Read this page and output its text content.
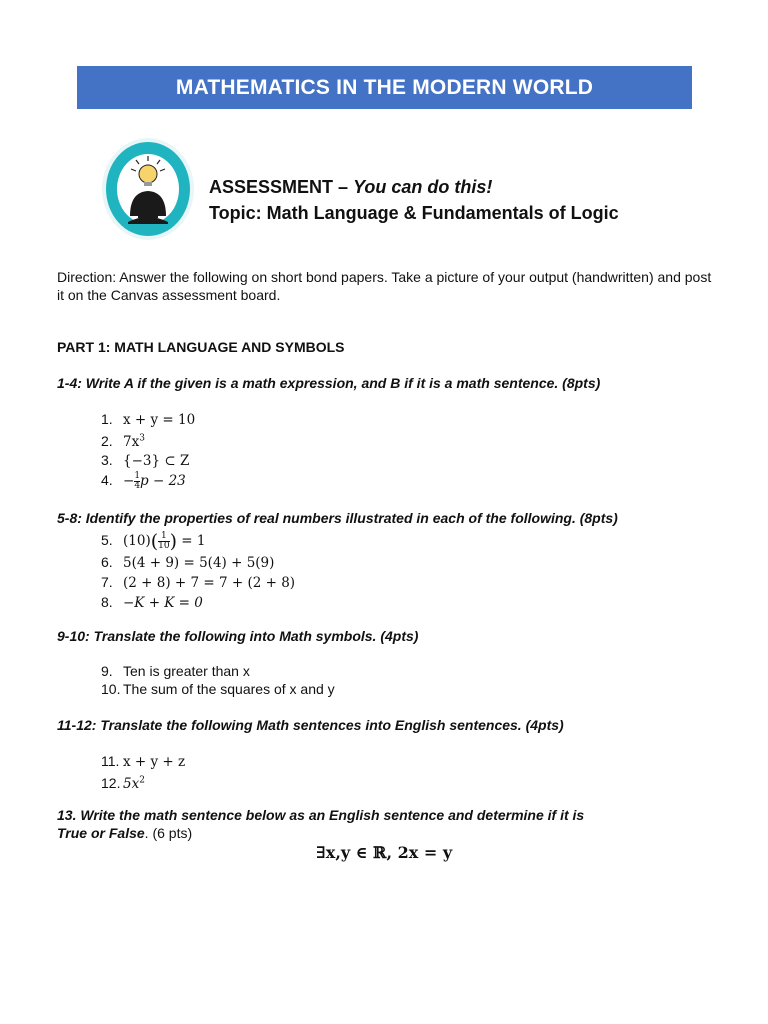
MATHEMATICS IN THE MODERN WORLD
ASSESSMENT – You can do this!
Topic: Math Language & Fundamentals of Logic
Direction: Answer the following on short bond papers. Take a picture of your output (handwritten) and post it on the Canvas assessment board.
PART 1: MATH LANGUAGE AND SYMBOLS
1-4: Write A if the given is a math expression, and B if it is a math sentence. (8pts)
1. x + y = 10
2. $7x^3$
3. {−3} ⊂ Z
4. − $\frac{1}{4}$ p − 23
5-8: Identify the properties of real numbers illustrated in each of the following. (8pts)
5. $(10)( \frac{1}{10}$ ) = 1
6. 5(4 + 9) = 5(4) + 5(9)
7. (2 + 8) + 7 = 7 + (2 + 8)
8. −K + K = 0
9-10: Translate the following into Math symbols. (4pts)
9. Ten is greater than x
10. The sum of the squares of x and y
11-12: Translate the following Math sentences into English sentences. (4pts)
11. x + y + z
12. $5x^2$
13. Write the math sentence below as an English sentence and determine if it is
True or False. (6 pts)
∃x,y ∈ ℝ, 2x = y
